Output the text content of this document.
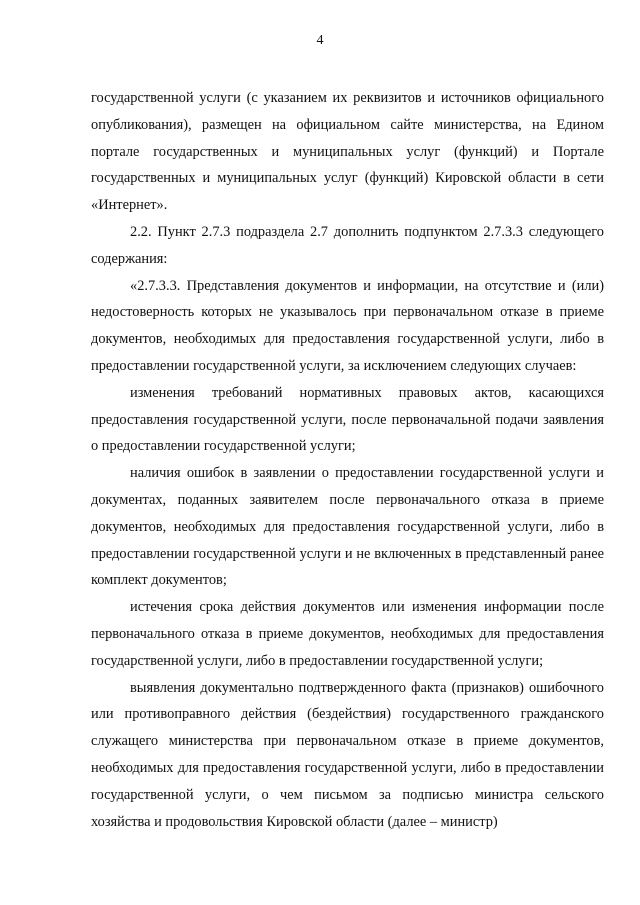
4

государственной услуги (с указанием их реквизитов и источников официального опубликования), размещен на официальном сайте министерства, на Едином портале государственных и муниципальных услуг (функций) и Портале государственных и муниципальных услуг (функций) Кировской области в сети «Интернет».

2.2. Пункт 2.7.3 подраздела 2.7 дополнить подпунктом 2.7.3.3 следующего содержания:

«2.7.3.3. Представления документов и информации, на отсутствие и (или) недостоверность которых не указывалось при первоначальном отказе в приеме документов, необходимых для предоставления государственной услуги, либо в предоставлении государственной услуги, за исключением следующих случаев:

изменения требований нормативных правовых актов, касающихся предоставления государственной услуги, после первоначальной подачи заявления о предоставлении государственной услуги;

наличия ошибок в заявлении о предоставлении государственной услуги и документах, поданных заявителем после первоначального отказа в приеме документов, необходимых для предоставления государственной услуги, либо в предоставлении государственной услуги и не включенных в представленный ранее комплект документов;

истечения срока действия документов или изменения информации после первоначального отказа в приеме документов, необходимых для предоставления государственной услуги, либо в предоставлении государственной услуги;

выявления документально подтвержденного факта (признаков) ошибочного или противоправного действия (бездействия) государственного гражданского служащего министерства при первоначальном отказе в приеме документов, необходимых для предоставления государственной услуги, либо в предоставлении государственной услуги, о чем письмом за подписью министра сельского хозяйства и продовольствия Кировской области (далее – министр)
